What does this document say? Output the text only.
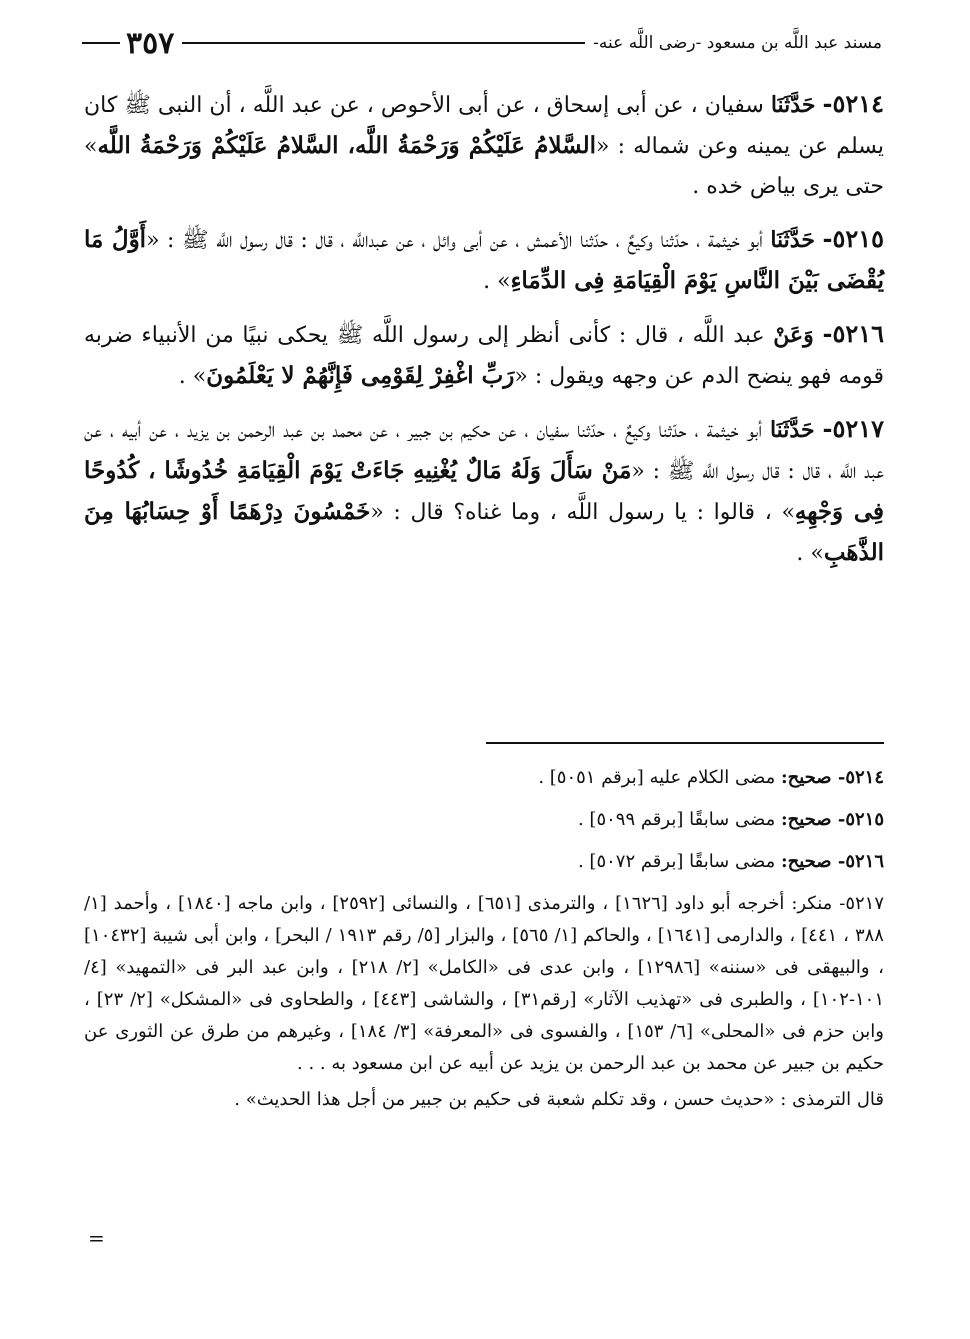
مسند عبد اللَّه بن مسعود -رضى اللَّه عنه-
٣٥٧

٥٢١٤- حَدَّثَنَا سفيان ، عن أبى إسحاق ، عن أبى الأحوص ، عن عبد اللَّه ، أن النبى ﷺ كان يسلم عن يمينه وعن شماله : «السَّلامُ عَلَيْكُمْ وَرَحْمَةُ اللَّه، السَّلامُ عَلَيْكُمْ وَرَحْمَةُ اللَّه» حتى يرى بياض خده .

٥٢١٥- حَدَّثَنَا أبو خيثمة ، حدّثنا وكيعٌ ، حدّثنا الأعمش ، عن أبى وائل ، عن عبداللَّه ، قال : قال رسول اللَّه ﷺ : «أَوَّلُ مَا يُقْضَى بَيْنَ النَّاسِ يَوْمَ الْقِيَامَةِ فِى الدِّمَاءِ» .

٥٢١٦- وَعَنْ عبد اللَّه ، قال : كأنى أنظر إلى رسول اللَّه ﷺ يحكى نبيًا من الأنبياء ضربه قومه فهو ينضح الدم عن وجهه ويقول : «رَبِّ اغْفِرْ لِقَوْمِى فَإِنَّهُمْ لا يَعْلَمُونَ» .

٥٢١٧- حَدَّثَنَا أبو خيثمة ، حدّثنا وكيعٌ ، حدّثنا سفيان ، عن حكيم بن جبير ، عن محمد بن عبد الرحمن بن يزيد ، عن أبيه ، عن عبد اللَّه ، قال : قال رسول اللَّه ﷺ : «مَنْ سَأَلَ وَلَهُ مَالٌ يُغْنِيهِ جَاءَتْ يَوْمَ الْقِيَامَةِ خُدُوشًا ، كُدُوحًا فِى وَجْهِهِ» ، قالوا : يا رسول اللَّه ، وما غناه؟ قال : «خَمْسُونَ دِرْهَمًا أَوْ حِسَابُهَا مِنَ الذَّهَبِ» .

٥٢١٤- صحيح: مضى الكلام عليه [برقم ٥٠٥١] .

٥٢١٥- صحيح: مضى سابقًا [برقم ٥٠٩٩] .

٥٢١٦- صحيح: مضى سابقًا [برقم ٥٠٧٢] .

٥٢١٧- منكر: أخرجه أبو داود [١٦٢٦] ، والترمذى [٦٥١] ، والنسائى [٢٥٩٢] ، وابن ماجه [١٨٤٠] ، وأحمد [١/ ٣٨٨ ، ٤٤١] ، والدارمى [١٦٤١] ، والحاكم [١/ ٥٦٥] ، والبزار [٥/ رقم ١٩١٣ / البحر] ، وابن أبى شيبة [١٠٤٣٢] ، والبيهقى فى «سننه» [١٢٩٨٦] ، وابن عدى فى «الكامل» [٢/ ٢١٨] ، وابن عبد البر فى «التمهيد» [٤/ ١٠١-١٠٢] ، والطبرى فى «تهذيب الآثار» [رقم٣١] ، والشاشى [٤٤٣] ، والطحاوى فى «المشكل» [٢/ ٢٣] ، وابن حزم فى «المحلى» [٦/ ١٥٣] ، والفسوى فى «المعرفة» [٣/ ١٨٤] ، وغيرهم من طرق عن الثورى عن حكيم بن جبير عن محمد بن عبد الرحمن بن يزيد عن أبيه عن ابن مسعود به . . .

قال الترمذى : «حديث حسن ، وقد تكلم شعبة فى حكيم بن جبير من أجل هذا الحديث» .

=
